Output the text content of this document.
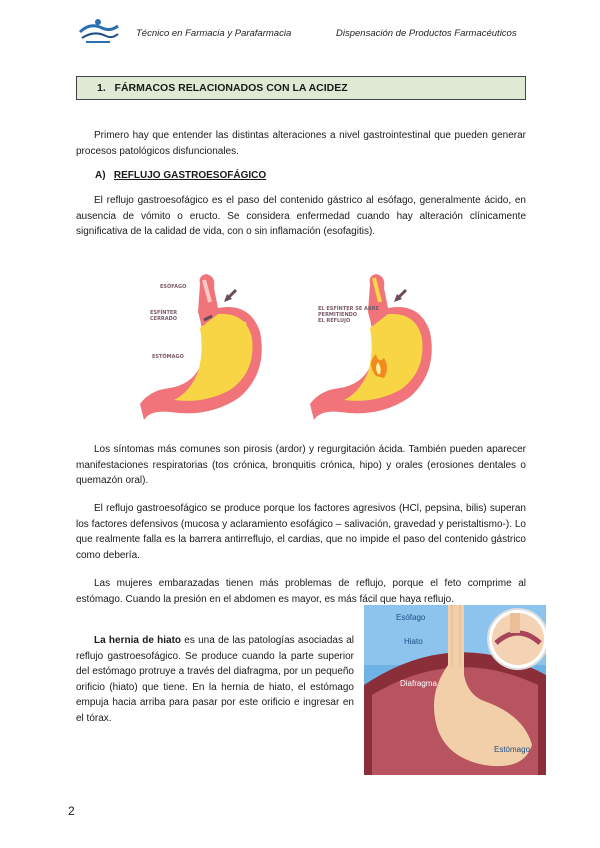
Técnico en Farmacia y Parafarmacia	Dispensación de Productos Farmacéuticos
1. FÁRMACOS RELACIONADOS CON LA ACIDEZ
Primero hay que entender las distintas alteraciones a nivel gastrointestinal que pueden generar procesos patológicos disfuncionales.
A) REFLUJO GASTROESOFÁGICO
El reflujo gastroesofágico es el paso del contenido gástrico al esófago, generalmente ácido, en ausencia de vómito o eructo. Se considera enfermedad cuando hay alteración clínicamente significativa de la calidad de vida, con o sin inflamación (esofagitis).
ESÓFAGO
ESFÍNTER
CERRADO
ESTÓMAGO
EL ESFÍNTER SE ABRE
PERMITIENDO
EL REFLUJO
Los síntomas más comunes son pirosis (ardor) y regurgitación ácida. También pueden aparecer manifestaciones respiratorias (tos crónica, bronquitis crónica, hipo) y orales (erosiones dentales o quemazón oral).
El reflujo gastroesofágico se produce porque los factores agresivos (HCl, pepsina, bilis) superan los factores defensivos (mucosa y aclaramiento esofágico – salivación, gravedad y peristaltismo-). Lo que realmente falla es la barrera antirreflujo, el cardias, que no impide el paso del contenido gástrico como debería.
Las mujeres embarazadas tienen más problemas de reflujo, porque el feto comprime al estómago. Cuando la presión en el abdomen es mayor, es más fácil que haya reflujo.
La hernia de hiato es una de las patologías asociadas al reflujo gastroesofágico. Se produce cuando la parte superior del estómago protruye a través del diafragma, por un pequeño orificio (hiato) que tiene. En la hernia de hiato, el estómago empuja hacia arriba para pasar por este orificio e ingresar en el tórax.
Esófago
Hiato
Diafragma
Estómago
2
